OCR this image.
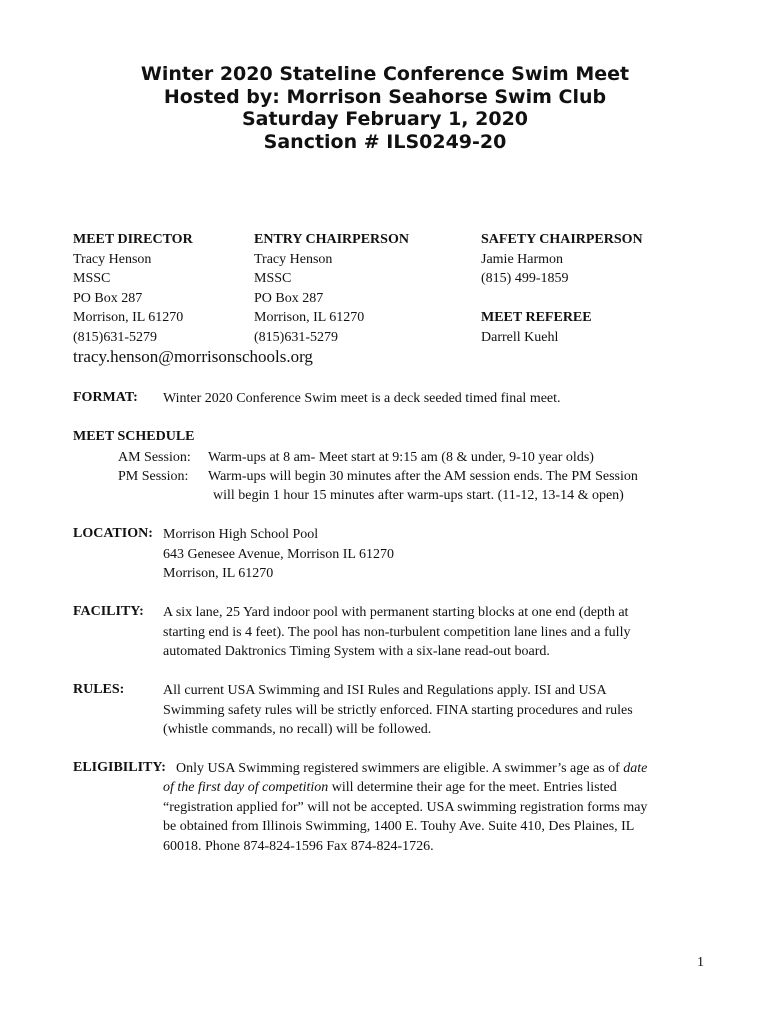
Winter 2020 Stateline Conference Swim Meet
Hosted by: Morrison Seahorse Swim Club
Saturday February 1, 2020
Sanction # ILS0249-20
MEET DIRECTOR
Tracy Henson
MSSC
PO Box 287
Morrison, IL 61270
(815)631-5279
ENTRY CHAIRPERSON
Tracy Henson
MSSC
PO Box 287
Morrison, IL 61270
(815)631-5279
SAFETY CHAIRPERSON
Jamie Harmon
(815) 499-1859
MEET REFEREE
Darrell Kuehl
tracy.henson@morrisonschools.org
FORMAT: Winter 2020 Conference Swim meet is a deck seeded timed final meet.
MEET SCHEDULE
AM Session: Warm-ups at 8 am- Meet start at 9:15 am (8 & under, 9-10 year olds)
PM Session: Warm-ups will begin 30 minutes after the AM session ends. The PM Session
will begin 1 hour 15 minutes after warm-ups start. (11-12, 13-14 & open)
LOCATION: Morrison High School Pool
643 Genesee Avenue, Morrison IL 61270
Morrison, IL 61270
FACILITY: A six lane, 25 Yard indoor pool with permanent starting blocks at one end (depth at
starting end is 4 feet). The pool has non-turbulent competition lane lines and a fully
automated Daktronics Timing System with a six-lane read-out board.
RULES:	All current USA Swimming and ISI Rules and Regulations apply. ISI and USA
Swimming safety rules will be strictly enforced. FINA starting procedures and rules
(whistle commands, no recall) will be followed.
ELIGIBILITY: Only USA Swimming registered swimmers are eligible. A swimmer’s age as of date
of the first day of competition will determine their age for the meet. Entries listed
“registration applied for” will not be accepted. USA swimming registration forms may
be obtained from Illinois Swimming, 1400 E. Touhy Ave. Suite 410, Des Plaines, IL
60018. Phone 874-824-1596 Fax 874-824-1726.
1
